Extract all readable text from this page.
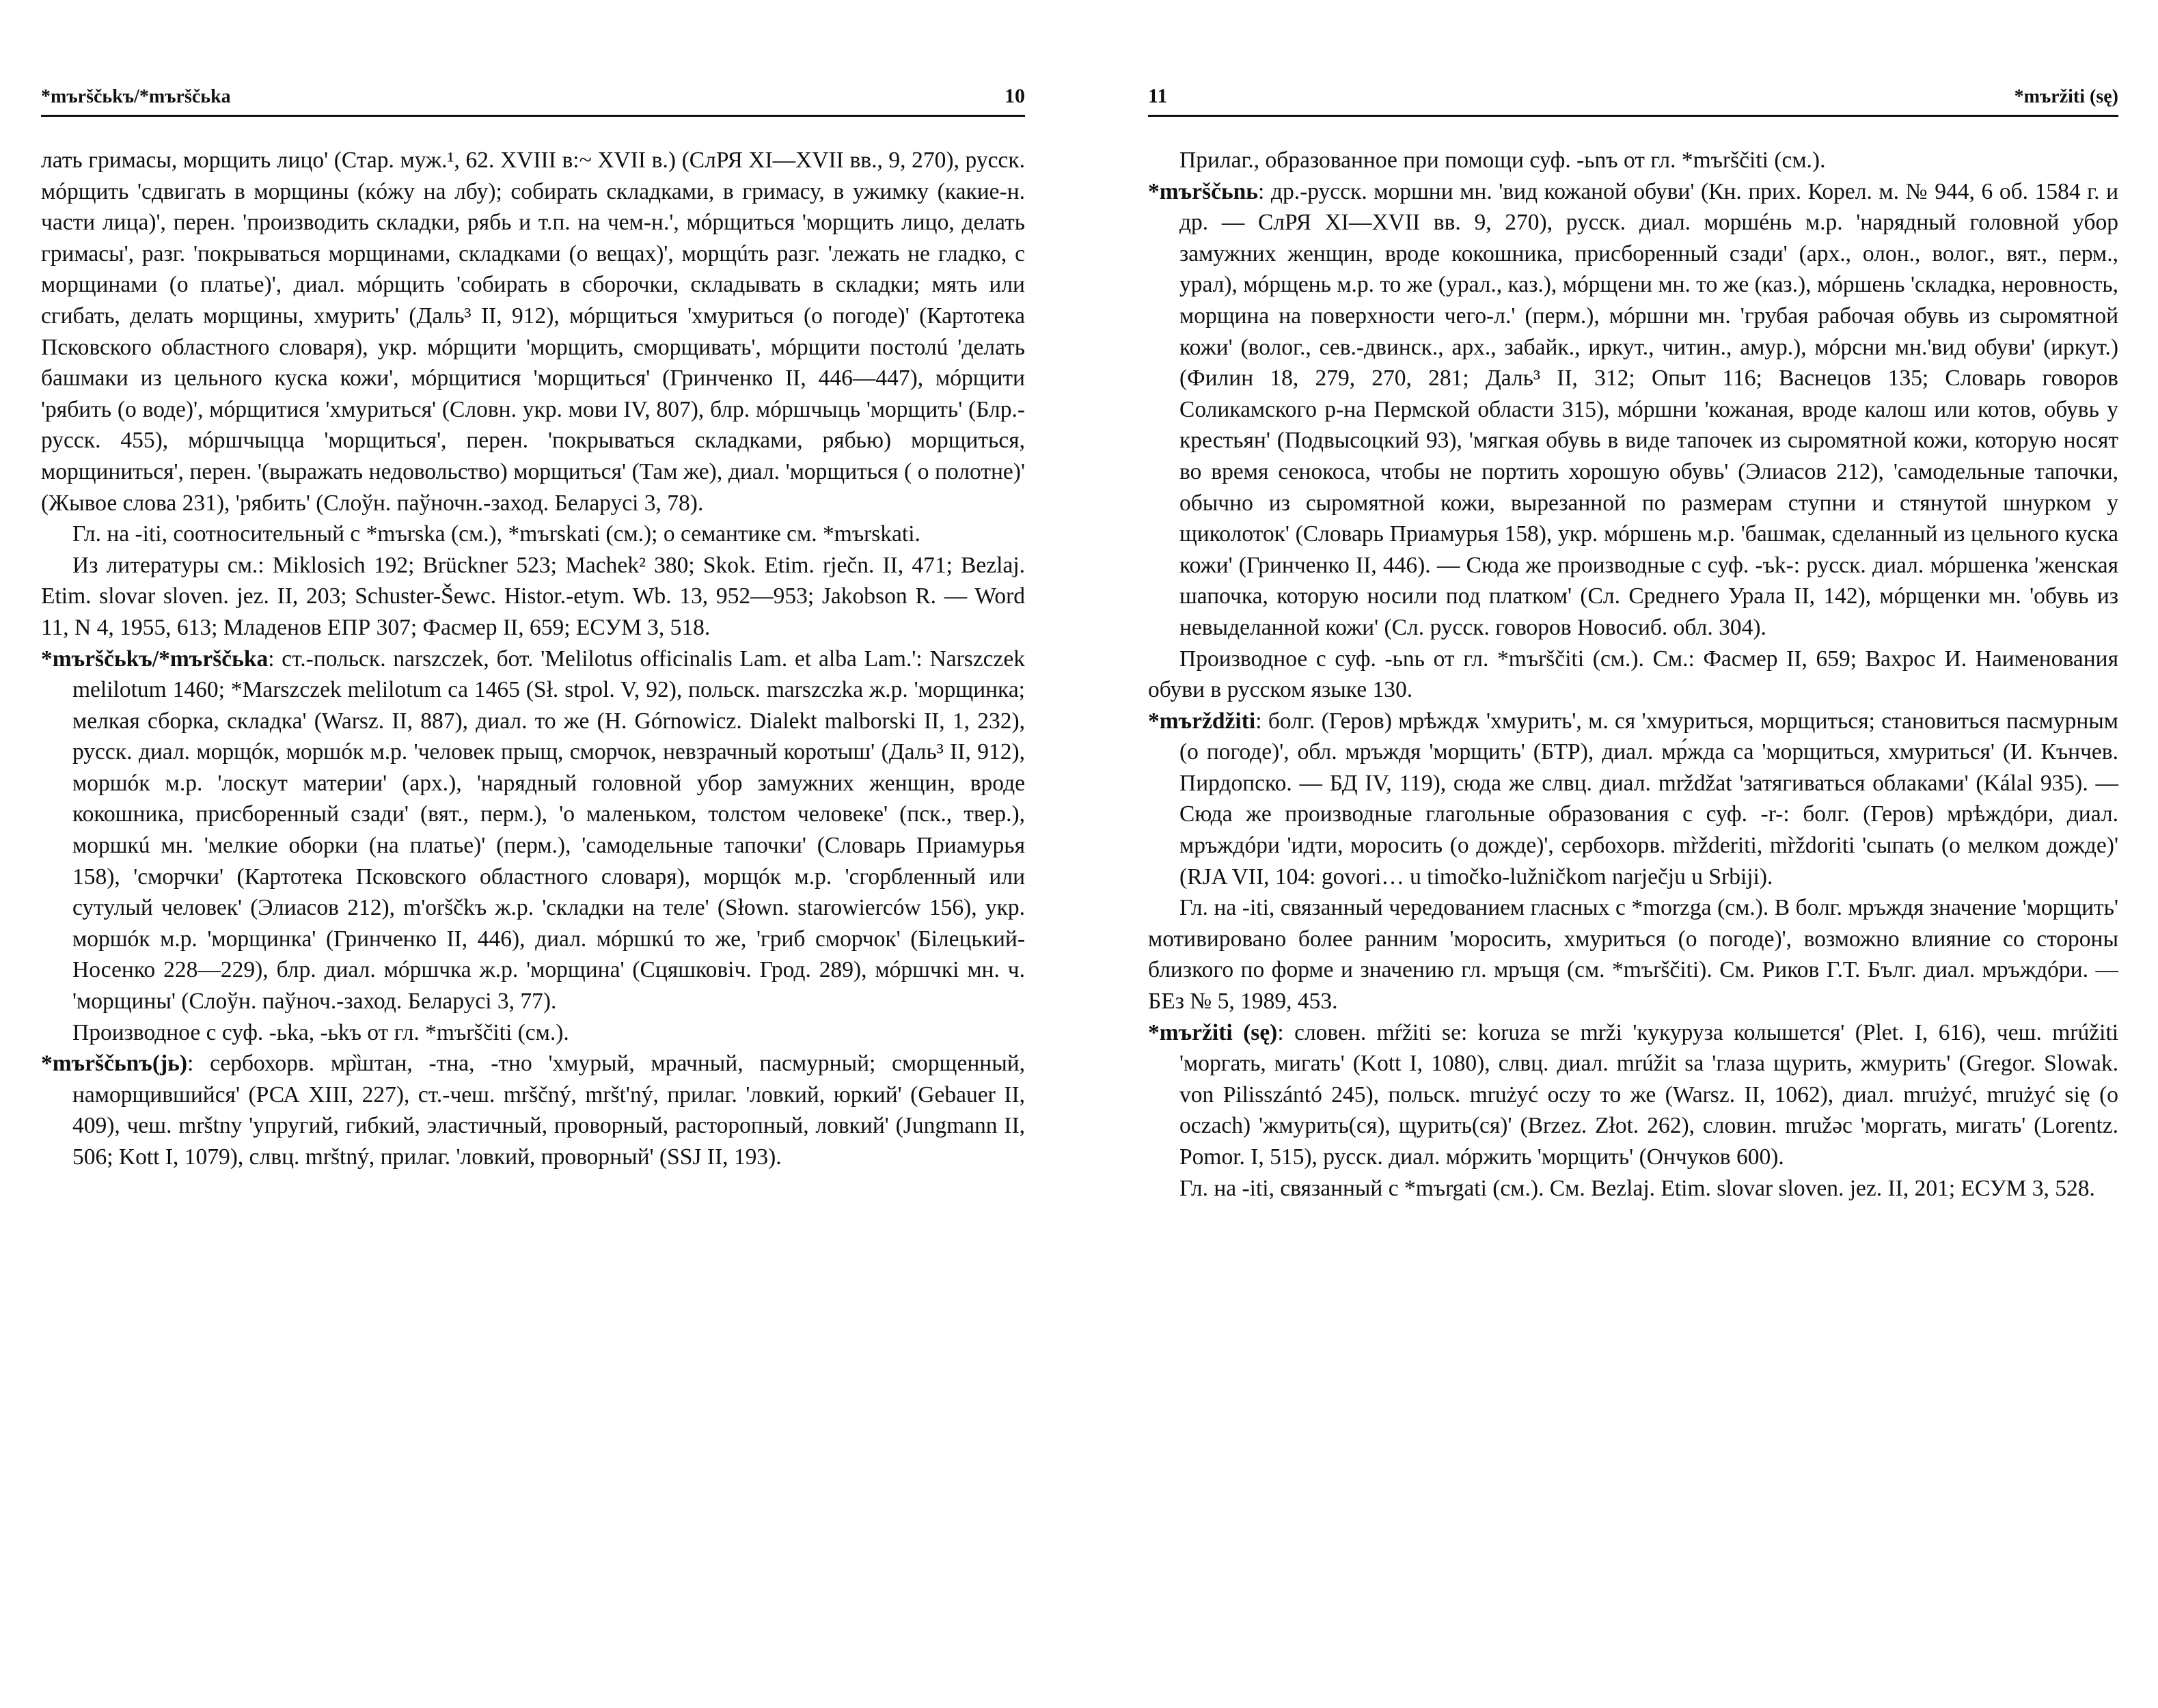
*mъrščьkъ/*mъrščьka	10

лать гримасы, морщить лицо' (Стар. муж.¹, 62. XVIII в:~ XVII в.) (СлРЯ XI—XVII вв., 9, 270), русск. мóрщить 'сдвигать в морщины (кóжу на лбу); собирать складками, в гримасу, в ужимку (какие-н. части лица)', перен. 'производить складки, рябь и т.п. на чем-н.', мóрщиться 'морщить лицо, делать гримасы', разг. 'покрываться морщинами, складками (о вещах)', морщúть разг. 'лежать не гладко, с морщинами (о платье)', диал. мóрщить 'собирать в сборочки, складывать в складки; мять или сгибать, делать морщины, хмурить' (Даль³ II, 912), мóрщиться 'хмуриться (о погоде)' (Картотека Псковского областного словаря), укр. мóрщити 'морщить, сморщивать', мóрщити постолú 'делать башмаки из цельного куска кожи', мóрщитися 'морщиться' (Гринченко II, 446—447), мóрщити 'рябить (о воде)', мóрщитися 'хмуриться' (Словн. укр. мови IV, 807), блр. мóршчыць 'морщить' (Блр.-русск. 455), мóршчыцца 'морщиться', перен. 'покрываться складками, рябью) морщиться, морщиниться', перен. '(выражать недовольство) морщиться' (Там же), диал. 'морщиться ( о полотне)' (Жывое слова 231), 'рябить' (Слоўн. паўночн.-заход. Беларусі 3, 78).

Гл. на -iti, соотносительный с *mъrska (см.), *mъrskati (см.); о семантике см. *mъrskati.

Из литературы см.: Miklosich 192; Brückner 523; Machek² 380; Skok. Etim. rječn. II, 471; Bezlaj. Etim. slovar sloven. jez. II, 203; Schuster-Šewc. Histor.-etym. Wb. 13, 952—953; Jakobson R. — Word 11, N 4, 1955, 613; Младенов ЕПР 307; Фасмер II, 659; ЕСУМ 3, 518.

*mъrščьkъ/*mъrščьka: ст.-польск. narszczek, бот. 'Melilotus officinalis Lam. et alba Lam.': Narszczek melilotum 1460; *Marszczek melilotum ca 1465 (Sł. stpol. V, 92), польск. marszczka ж.р. 'морщинка; мелкая сборка, складка' (Warsz. II, 887), диал. то же (H. Górnowicz. Dialekt malborski II, 1, 232), русск. диал. морщóк, моршóк м.р. 'человек прыщ, сморчок, невзрачный коротыш' (Даль³ II, 912), моршóк м.р. 'лоскут материи' (арх.), 'нарядный головной убор замужних женщин, вроде кокошника, присборенный сзади' (вят., перм.), 'о маленьком, толстом человеке' (пск., твер.), моршкú мн. 'мелкие оборки (на платье)' (перм.), 'самодельные тапочки' (Словарь Приамурья 158), 'сморчки' (Картотека Псковского областного словаря), морщóк м.р. 'сгорбленный или сутулый человек' (Элиасов 212), m'orščkъ ж.р. 'складки на теле' (Słown. starowierców 156), укр. моршóк м.р. 'морщинка' (Гринченко II, 446), диал. мóршкú то же, 'гриб сморчок' (Білецький-Носенко 228—229), блр. диал. мóршчка ж.р. 'морщина' (Сцяшковіч. Грод. 289), мóршчкі мн. ч. 'морщины' (Слоўн. паўноч.-заход. Беларусі 3, 77).

Производное с суф. -ьka, -ьkъ от гл. *mъrščiti (см.).

*mъrščьnъ(jь): сербохорв. мр̏штан, -тна, -тно 'хмурый, мрачный, пасмурный; сморщенный, наморщившийся' (РСА XIII, 227), ст.-чеш. mrščný, mršt'ný, прилаг. 'ловкий, юркий' (Gebauer II, 409), чеш. mrštny 'упругий, гибкий, эластичный, проворный, расторопный, ловкий' (Jungmann II, 506; Kott I, 1079), слвц. mrštný, прилаг. 'ловкий, проворный' (SSJ II, 193).

11	*mъržiti (sę)

Прилаг., образованное при помощи суф. -ьnъ от гл. *mъrščiti (см.).

*mъrščьnь: др.-русск. моршни мн. 'вид кожаной обуви' (Кн. прих. Корел. м. № 944, 6 об. 1584 г. и др. — СлРЯ XI—XVII вв. 9, 270), русск. диал. моршéнь м.р. 'нарядный головной убор замужних женщин, вроде кокошника, присборенный сзади' (арх., олон., волог., вят., перм., урал), мóрщень м.р. то же (урал., каз.), мóрщени мн. то же (каз.), мóршень 'складка, неровность, морщина на поверхности чего-л.' (перм.), мóршни мн. 'грубая рабочая обувь из сыромятной кожи' (волог., сев.-двинск., арх., забайк., иркут., читин., амур.), мóрсни мн.'вид обуви' (иркут.) (Филин 18, 279, 270, 281; Даль³ II, 312; Опыт 116; Васнецов 135; Словарь говоров Соликамского р-на Пермской области 315), мóршни 'кожаная, вроде калош или котов, обувь у крестьян' (Подвысоцкий 93), 'мягкая обувь в виде тапочек из сыромятной кожи, которую носят во время сенокоса, чтобы не портить хорошую обувь' (Элиасов 212), 'самодельные тапочки, обычно из сыромятной кожи, вырезанной по размерам ступни и стянутой шнурком у щиколоток' (Словарь Приамурья 158), укр. мóршень м.р. 'башмак, сделанный из цельного куска кожи' (Гринченко II, 446). — Сюда же производные с суф. -ъk-: русск. диал. мóршенка 'женская шапочка, которую носили под платком' (Сл. Среднего Урала II, 142), мóрщенки мн. 'обувь из невыделанной кожи' (Сл. русск. говоров Новосиб. обл. 304).

Производное с суф. -ьnь от гл. *mъrščiti (см.). См.: Фасмер II, 659; Вахрос И. Наименования обуви в русском языке 130.

*mъrždžiti: болг. (Геров) мрѣждѫ 'хмурить', м. ся 'хмуриться, морщиться; становиться пасмурным (о погоде)', обл. мръждя 'морщить' (БТР), диал. мр́жда са 'морщиться, хмуриться' (И. Кънчев. Пирдопско. — БД IV, 119), сюда же слвц. диал. mrždžat 'затягиваться облаками' (Kálal 935). — Сюда же производные глагольные образования с суф. -r-: болг. (Геров) мрѣждóри, диал. мръждóри 'идти, моросить (о дожде)', сербохорв. mr̀žderiti, mr̀ždoriti 'сыпать (о мелком дожде)' (RJA VII, 104: govori… u timočko-lužničkom narječju u Srbiji).

Гл. на -iti, связанный чередованием гласных с *morzga (см.). В болг. мръждя значение 'морщить' мотивировано более ранним 'моросить, хмуриться (о погоде)', возможно влияние со стороны близкого по форме и значению гл. мръщя (см. *mъrščiti). См. Риков Г.Т. Бълг. диал. мръждóри. — БЕз № 5, 1989, 453.

*mъržiti (sę): словен. mŕžiti se: koruza se mrži 'кукуруза колышется' (Plet. I, 616), чеш. mrúžiti 'моргать, мигать' (Kott I, 1080), слвц. диал. mrúžit sa 'глаза щурить, жмурить' (Gregor. Slowak. von Pilisszántó 245), польск. mrużyć oczy то же (Warsz. II, 1062), диал. mrużyć, mrużyć się (o oczach) 'жмурить(ся), щурить(ся)' (Brzez. Złot. 262), словин. mružəc 'моргать, мигать' (Lorentz. Pomor. I, 515), русск. диал. мóржить 'морщить' (Ончуков 600).

Гл. на -iti, связанный с *mъrgati (см.). См. Bezlaj. Etim. slovar sloven. jez. II, 201; ЕСУМ 3, 528.
